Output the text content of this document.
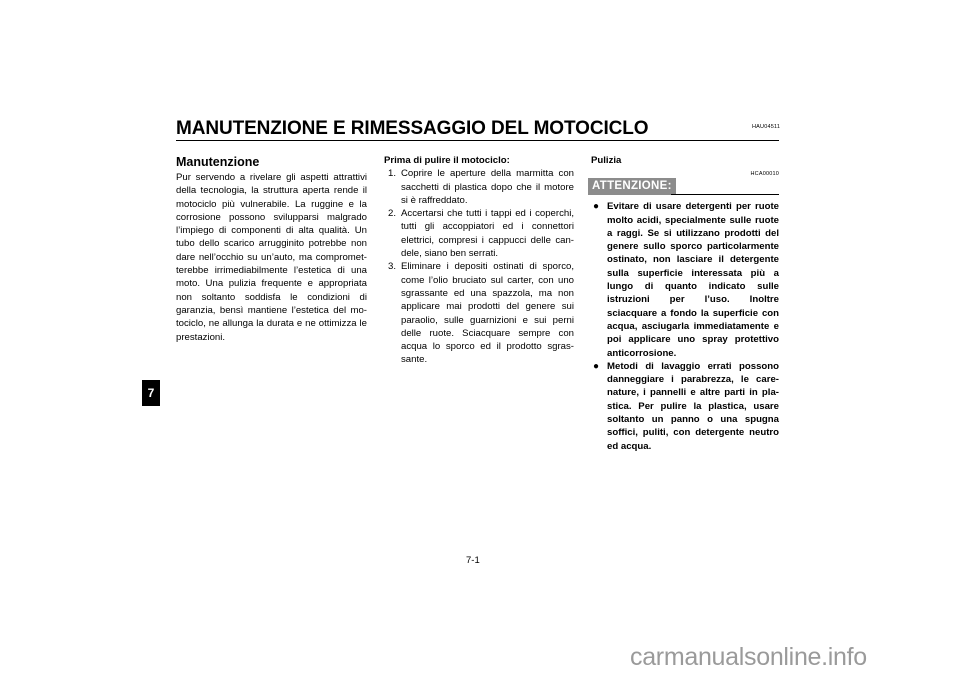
HAU04511
MANUTENZIONE E RIMESSAGGIO DEL MOTOCICLO
7
Manutenzione
Pur servendo a rivelare gli aspetti attrattivi della tecnologia, la struttura aperta rende il motociclo più vulnerabile. La ruggine e la corrosione possono svilupparsi malgrado l’impiego di componenti di alta qualità. Un tubo dello scarico arrugginito potrebbe non dare nell’occhio su un’auto, ma comprometterebbe irrimediabilmente l’estetica di una moto. Una pulizia frequente e appropriata non soltanto soddisfa le condizioni di garanzia, bensì mantiene l’estetica del motociclo, ne allunga la durata e ne ottimizza le prestazioni.
Prima di pulire il motociclo:
1. Coprire le aperture della marmitta con sacchetti di plastica dopo che il motore si è raffreddato.
2. Accertarsi che tutti i tappi ed i coperchi, tutti gli accoppiatori ed i connettori elettrici, compresi i cappucci delle candele, siano ben serrati.
3. Eliminare i depositi ostinati di sporco, come l’olio bruciato sul carter, con uno sgrassante ed una spazzola, ma non applicare mai prodotti del genere sui paraolio, sulle guarnizioni e sui perni delle ruote. Sciacquare sempre con acqua lo sporco ed il prodotto sgrassante.
Pulizia
HCA00010
ATTENZIONE:
● Evitare di usare detergenti per ruote molto acidi, specialmente sulle ruote a raggi. Se si utilizzano prodotti del genere sullo sporco particolarmente ostinato, non lasciare il detergente sulla superficie interessata più a lungo di quanto indicato sulle istruzioni per l’uso. Inoltre sciacquare a fondo la superficie con acqua, asciugarla immediatamente e poi applicare uno spray protettivo anticorrosione.
● Metodi di lavaggio errati possono danneggiare i parabrezza, le carenature, i pannelli e altre parti in plastica. Per pulire la plastica, usare soltanto un panno o una spugna soffici, puliti, con detergente neutro ed acqua.
7-1
carmanualsonline.info
